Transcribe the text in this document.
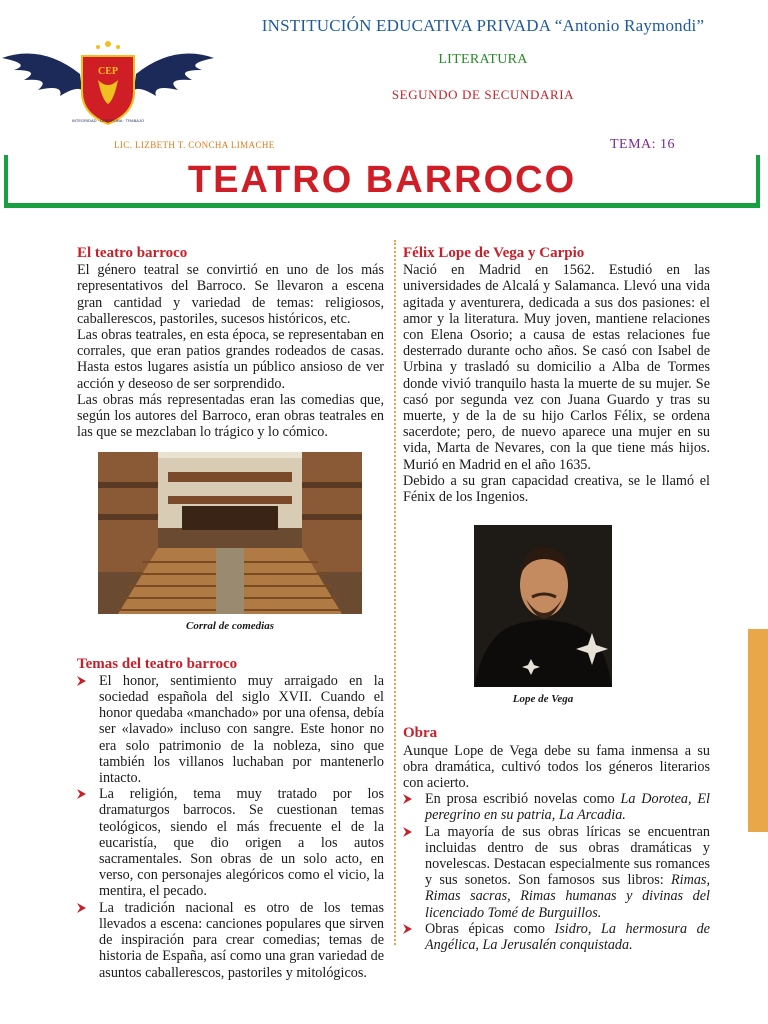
CEP
INTEGRIDAD · DISCIPLINA · TRABAJO
INSTITUCIÓN EDUCATIVA PRIVADA “Antonio Raymondi”
LITERATURA
SEGUNDO DE SECUNDARIA
LIC. LIZBETH T. CONCHA LIMACHE	TEMA: 16
TEATRO BARROCO
El teatro barroco

El género teatral se convirtió en uno de los más representativos del Barroco. Se llevaron a escena gran cantidad y variedad de temas: religiosos, caballerescos, pastoriles, sucesos históricos, etc.

Las obras teatrales, en esta época, se representaban en corrales, que eran patios grandes rodeados de casas. Hasta estos lugares asistía un público ansioso de ver acción y deseoso de ser sorprendido.

Las obras más representadas eran las comedias que, según los autores del Barroco, eran obras teatrales en las que se mezclaban lo trágico y lo cómico.

Corral de comedias
Temas del teatro barroco
El honor, sentimiento muy arraigado en la sociedad española del siglo XVII. Cuando el honor quedaba «manchado» por una ofensa, debía ser «lavado» incluso con sangre. Este honor no era solo patrimonio de la nobleza, sino que también los villanos luchaban por mantenerlo intacto.
La religión, tema muy tratado por los dramaturgos barrocos. Se cuestionan temas teológicos, siendo el más frecuente el de la eucaristía, que dio origen a los autos sacramentales. Son obras de un solo acto, en verso, con personajes alegóricos como el vicio, la mentira, el pecado.
La tradición nacional es otro de los temas llevados a escena: canciones populares que sirven de inspiración para crear comedias; temas de historia de España, así como una gran variedad de asuntos caballerescos, pastoriles y mitológicos.
Félix Lope de Vega y Carpio

Nació en Madrid en 1562. Estudió en las universidades de Alcalá y Salamanca. Llevó una vida agitada y aventurera, dedicada a sus dos pasiones: el amor y la literatura. Muy joven, mantiene relaciones con Elena Osorio; a causa de estas relaciones fue desterrado durante ocho años. Se casó con Isabel de Urbina y trasladó su domicilio a Alba de Tormes donde vivió tranquilo hasta la muerte de su mujer. Se casó por segunda vez con Juana Guardo y tras su muerte, y de la de su hijo Carlos Félix, se ordena sacerdote; pero, de nuevo aparece una mujer en su vida, Marta de Nevares, con la que tiene más hijos. Murió en Madrid en el año 1635.

Debido a su gran capacidad creativa, se le llamó el Fénix de los Ingenios.

Lope de Vega
Obra

Aunque Lope de Vega debe su fama inmensa a su obra dramática, cultivó todos los géneros literarios con acierto.

En prosa escribió novelas como La Dorotea, El peregrino en su patria, La Arcadia.
La mayoría de sus obras líricas se encuentran incluidas dentro de sus obras dramáticas y novelescas. Destacan especialmente sus romances y sus sonetos. Son famosos sus libros: Rimas, Rimas sacras, Rimas humanas y divinas del licenciado Tomé de Burguillos.
Obras épicas como Isidro, La hermosura de Angélica, La Jerusalén conquistada.
